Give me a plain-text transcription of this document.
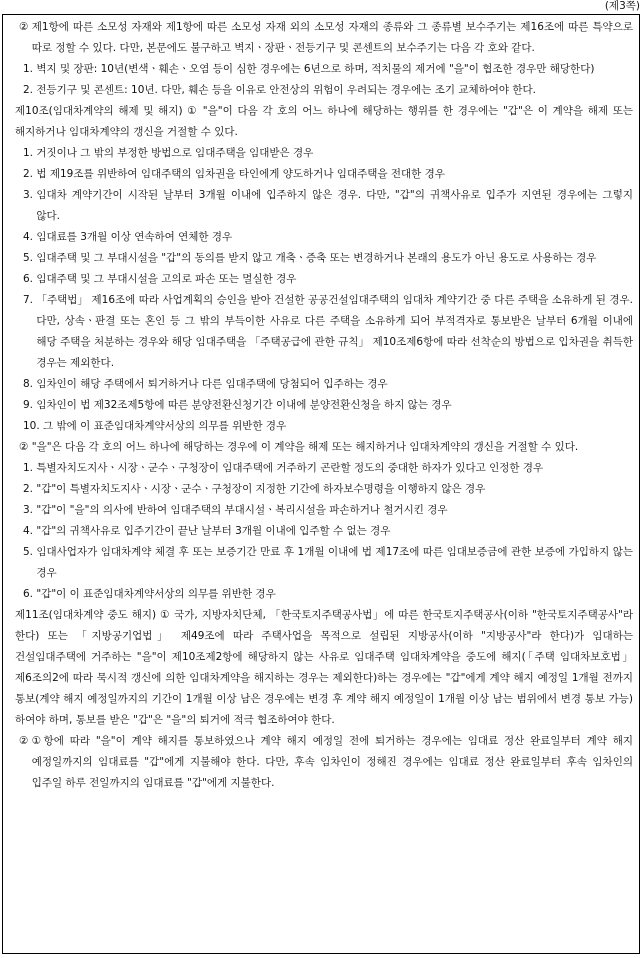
(제3쪽)
② 제1항에 따른 소모성 자재와 제1항에 따른 소모성 자재 외의 소모성 자재의 종류와 그 종류별 보수주기는 제16조에 따른 특약으로 따로 정할 수 있다. 다만, 본문에도 불구하고 벽지ㆍ장판ㆍ전등기구 및 콘센트의 보수주기는 다음 각 호와 같다.
1. 벽지 및 장판: 10년(변색ㆍ훼손ㆍ오염 등이 심한 경우에는 6년으로 하며, 적치물의 제거에 "을"이 협조한 경우만 해당한다)
2. 전등기구 및 콘센트: 10년. 다만, 훼손 등을 이유로 안전상의 위험이 우려되는 경우에는 조기 교체하여야 한다.
제10조(임대차계약의 해제 및 해지) ① "을"이 다음 각 호의 어느 하나에 해당하는 행위를 한 경우에는 "갑"은 이 계약을 해제 또는 해지하거나 임대차계약의 갱신을 거절할 수 있다.
1. 거짓이나 그 밖의 부정한 방법으로 임대주택을 임대받은 경우
2. 법 제19조를 위반하여 임대주택의 임차권을 타인에게 양도하거나 임대주택을 전대한 경우
3. 임대차 계약기간이 시작된 날부터 3개월 이내에 입주하지 않은 경우. 다만, "갑"의 귀책사유로 입주가 지연된 경우에는 그렇지 않다.
4. 임대료를 3개월 이상 연속하여 연체한 경우
5. 임대주택 및 그 부대시설을 "갑"의 동의를 받지 않고 개축ㆍ증축 또는 변경하거나 본래의 용도가 아닌 용도로 사용하는 경우
6. 임대주택 및 그 부대시설을 고의로 파손 또는 멸실한 경우
7. 「주택법」 제16조에 따라 사업계획의 승인을 받아 건설한 공공건설임대주택의 임대차 계약기간 중 다른 주택을 소유하게 된 경우. 다만, 상속ㆍ판결 또는 혼인 등 그 밖의 부득이한 사유로 다른 주택을 소유하게 되어 부적격자로 통보받은 날부터 6개월 이내에 해당 주택을 처분하는 경우와 해당 임대주택을 「주택공급에 관한 규칙」 제10조제6항에 따라 선착순의 방법으로 입차권을 취득한 경우는 제외한다.
8. 임차인이 해당 주택에서 퇴거하거나 다른 임대주택에 당첨되어 입주하는 경우
9. 임차인이 법 제32조제5항에 따른 분양전환신청기간 이내에 분양전환신청을 하지 않는 경우
10. 그 밖에 이 표준임대차계약서상의 의무를 위반한 경우
② "을"은 다음 각 호의 어느 하나에 해당하는 경우에 이 계약을 해제 또는 해지하거나 임대차계약의 갱신을 거절할 수 있다.
1. 특별자치도지사ㆍ시장ㆍ군수ㆍ구청장이 임대주택에 거주하기 곤란할 정도의 중대한 하자가 있다고 인정한 경우
2. "갑"이 특별자치도지사ㆍ시장ㆍ군수ㆍ구청장이 지정한 기간에 하자보수명령을 이행하지 않은 경우
3. "갑"이 "을"의 의사에 반하여 임대주택의 부대시설ㆍ복리시설을 파손하거나 철거시킨 경우
4. "갑"의 귀책사유로 입주기간이 끝난 날부터 3개월 이내에 입주할 수 없는 경우
5. 임대사업자가 임대차계약 체결 후 또는 보증기간 만료 후 1개월 이내에 법 제17조에 따른 임대보증금에 관한 보증에 가입하지 않는 경우
6. "갑"이 이 표준임대차계약서상의 의무를 위반한 경우
제11조(임대차계약 중도 해지) ① 국가, 지방자치단체, 「한국토지주택공사법」에 따른 한국토지주택공사(이하 "한국토지주택공사"라 한다) 또는 「지방공기업법」 제49조에 따라 주택사업을 목적으로 설립된 지방공사(이하 "지방공사"라 한다)가 임대하는 건설임대주택에 거주하는 "을"이 제10조제2항에 해당하지 않는 사유로 임대주택 임대차계약을 중도에 해지(「주택 임대차보호법」 제6조의2에 따라 묵시적 갱신에 의한 임대차계약을 해지하는 경우는 제외한다)하는 경우에는 "갑"에게 계약 해지 예정일 1개월 전까지 통보(계약 해지 예정일까지의 기간이 1개월 이상 남은 경우에는 변경 후 계약 해지 예정일이 1개월 이상 남는 범위에서 변경 통보 가능)하여야 하며, 통보를 받은 "갑"은 "을"의 퇴거에 적극 협조하여야 한다.
② ①항에 따라 "을"이 계약 해지를 통보하였으나 계약 해지 예정일 전에 퇴거하는 경우에는 임대료 정산 완료일부터 계약 해지 예정일까지의 임대료를 "갑"에게 지불해야 한다. 다만, 후속 임차인이 정해진 경우에는 임대료 정산 완료일부터 후속 임차인의 입주일 하루 전일까지의 임대료를 "갑"에게 지불한다.
